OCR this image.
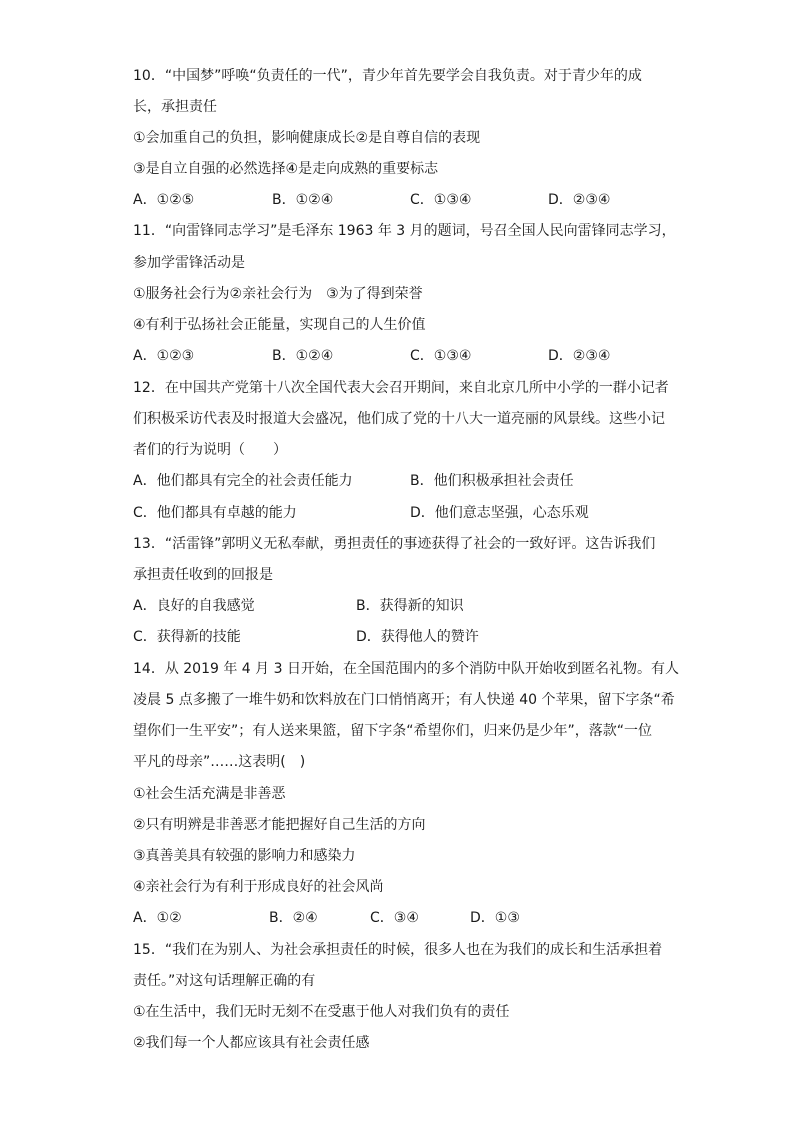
10．“中国梦”呼唤“负责任的一代”，青少年首先要学会自我负责。对于青少年的成
长，承担责任
①会加重自己的负担，影响健康成长②是自尊自信的表现
③是自立自强的必然选择④是走向成熟的重要标志
A．①②⑤	B．①②④	C．①③④	D．②③④
11．“向雷锋同志学习”是毛泽东 1963 年 3 月的题词，号召全国人民向雷锋同志学习，
参加学雷锋活动是
①服务社会行为②亲社会行为　③为了得到荣誉
④有利于弘扬社会正能量，实现自己的人生价值
A．①②③	B．①②④	C．①③④	D．②③④
12．在中国共产党第十八次全国代表大会召开期间，来自北京几所中小学的一群小记者
们积极采访代表及时报道大会盛况，他们成了党的十八大一道亮丽的风景线。这些小记
者们的行为说明（　　）
A．他们都具有完全的社会责任能力	B．他们积极承担社会责任
C．他们都具有卓越的能力	D．他们意志坚强，心态乐观
13．“活雷锋”郭明义无私奉献，勇担责任的事迹获得了社会的一致好评。这告诉我们
承担责任收到的回报是
A．良好的自我感觉	B．获得新的知识
C．获得新的技能	D．获得他人的赞许
14．从 2019 年 4 月 3 日开始，在全国范围内的多个消防中队开始收到匿名礼物。有人
凌晨 5 点多搬了一堆牛奶和饮料放在门口悄悄离开；有人快递 40 个苹果，留下字条“希
望你们一生平安”；有人送来果篮，留下字条“希望你们，归来仍是少年”，落款“一位
平凡的母亲”……这表明(　)
①社会生活充满是非善恶
②只有明辨是非善恶才能把握好自己生活的方向
③真善美具有较强的影响力和感染力
④亲社会行为有利于形成良好的社会风尚
A．①②	B．②④	C．③④	D．①③
15．“我们在为别人、为社会承担责任的时候，很多人也在为我们的成长和生活承担着
责任。”对这句话理解正确的有
①在生活中，我们无时无刻不在受惠于他人对我们负有的责任
②我们每一个人都应该具有社会责任感
